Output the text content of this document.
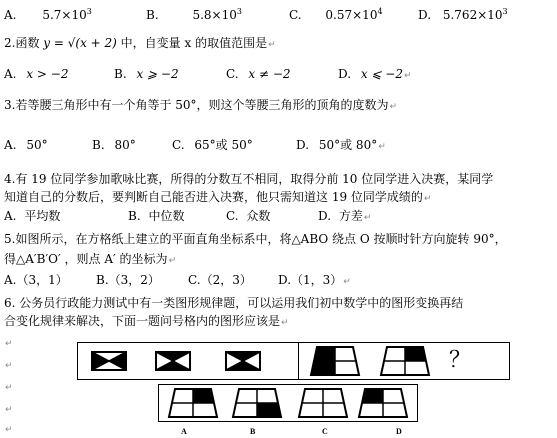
A. $5.7\times 10^3$	B.	$5.8\times 10^3$	C. $0.57\times 10^4$	D. $5.762\times 10^3$
2.函数 y = √(x + 2) 中，自变量 x 的取值范围是↵
A. x > −2	B. x ⩾ −2	C. x ≠ −2	D. x ⩽ −2↵
3.若等腰三角形中有一个角等于 50°，则这个等腰三角形的顶角的度数为↵
A. 50°	B. 80°	C. 65°或 50°	D. 50°或 80°↵
4.有 19 位同学参加歌咏比赛，所得的分数互不相同，取得分前 10 位同学进入决赛，某同学
知道自己的分数后，要判断自己能否进入决赛，他只需知道这 19 位同学成绩的↵
A. 平均数	B. 中位数	C. 众数	D. 方差↵
5.如图所示，在方格纸上建立的平面直角坐标系中，将△ABO 绕点 O 按顺时针方向旋转 90°，
得△A′B′O′ ，则点 A′ 的坐标为↵
A.（3，1） B.（3，2） C.（2，3） D.（1，3）↵
6. 公务员行政能力测试中有一类图形规律题，可以运用我们初中数学中的图形变换再结
合变化规律来解决，下面一题问号格内的图形应该是↵
↵
↵
↵
↵
↵
？
A	B	C	D
